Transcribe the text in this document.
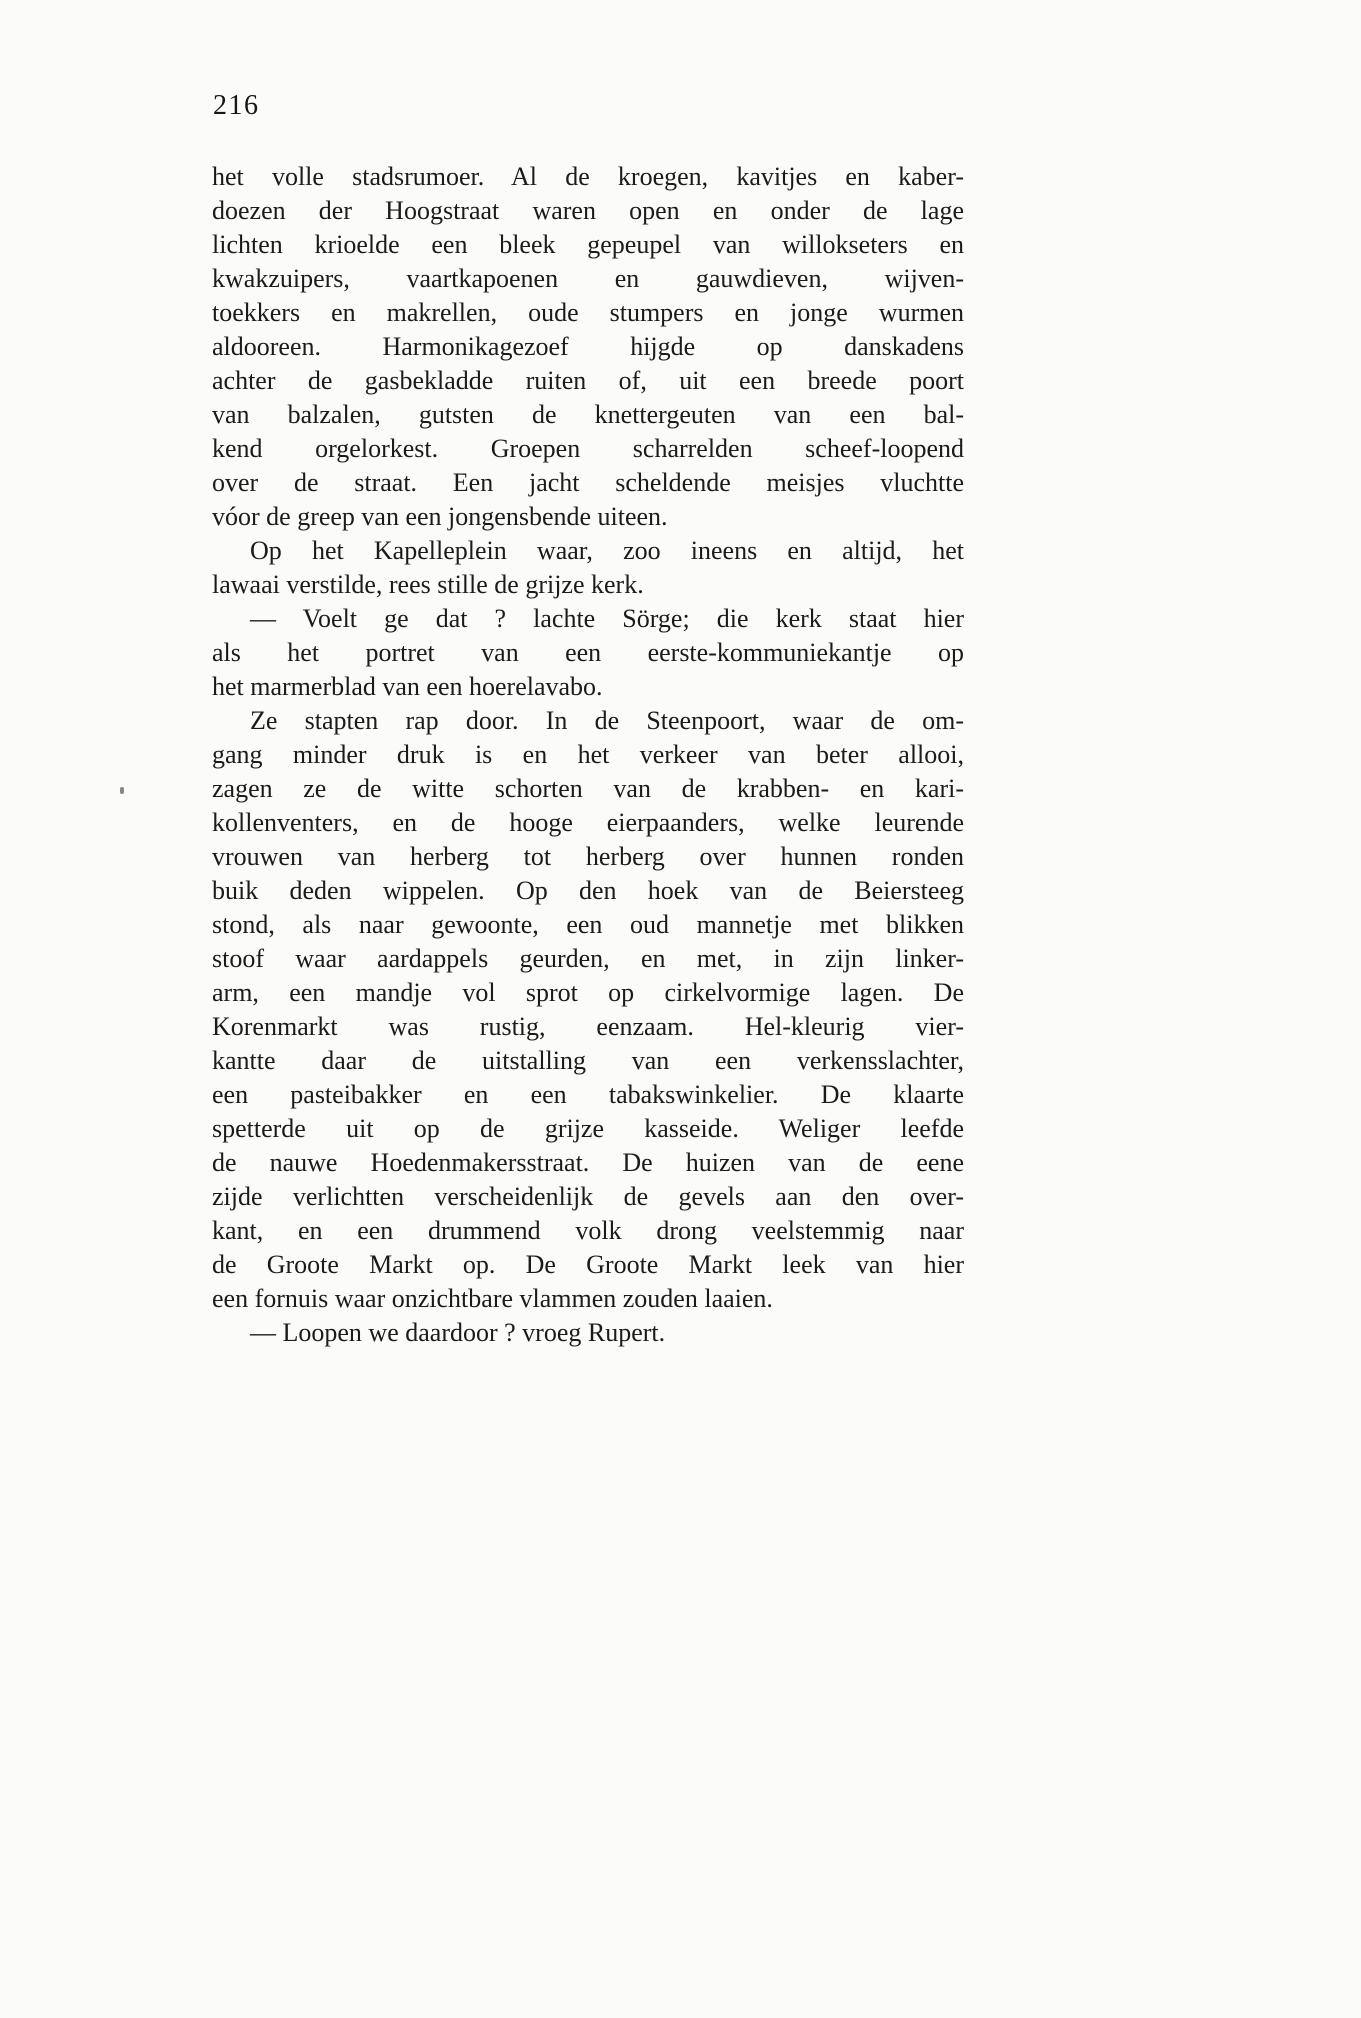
216
het volle stadsrumoer. Al de kroegen, kavitjes en kaber-
doezen der Hoogstraat waren open en onder de lage
lichten krioelde een bleek gepeupel van willokseters en
kwakzuipers, vaartkapoenen en gauwdieven, wijven-
toekkers en makrellen, oude stumpers en jonge wurmen
aldooreen. Harmonikagezoef hijgde op danskadens
achter de gasbekladde ruiten of, uit een breede poort
van balzalen, gutsten de knettergeuten van een bal-
kend orgelorkest. Groepen scharrelden scheef-loopend
over de straat. Een jacht scheldende meisjes vluchtte
vóor de greep van een jongensbende uiteen.
Op het Kapelleplein waar, zoo ineens en altijd, het
lawaai verstilde, rees stille de grijze kerk.
— Voelt ge dat ? lachte Sörge; die kerk staat hier
als het portret van een eerste-kommuniekantje op
het marmerblad van een hoerelavabo.
Ze stapten rap door. In de Steenpoort, waar de om-
gang minder druk is en het verkeer van beter allooi,
zagen ze de witte schorten van de krabben- en kari-
kollenventers, en de hooge eierpaanders, welke leurende
vrouwen van herberg tot herberg over hunnen ronden
buik deden wippelen. Op den hoek van de Beiersteeg
stond, als naar gewoonte, een oud mannetje met blikken
stoof waar aardappels geurden, en met, in zijn linker-
arm, een mandje vol sprot op cirkelvormige lagen. De
Korenmarkt was rustig, eenzaam. Hel-kleurig vier-
kantte daar de uitstalling van een verkensslachter,
een pasteibakker en een tabakswinkelier. De klaarte
spetterde uit op de grijze kasseide. Weliger leefde
de nauwe Hoedenmakersstraat. De huizen van de eene
zijde verlichtten verscheidenlijk de gevels aan den over-
kant, en een drummend volk drong veelstemmig naar
de Groote Markt op. De Groote Markt leek van hier
een fornuis waar onzichtbare vlammen zouden laaien.
— Loopen we daardoor ? vroeg Rupert.
